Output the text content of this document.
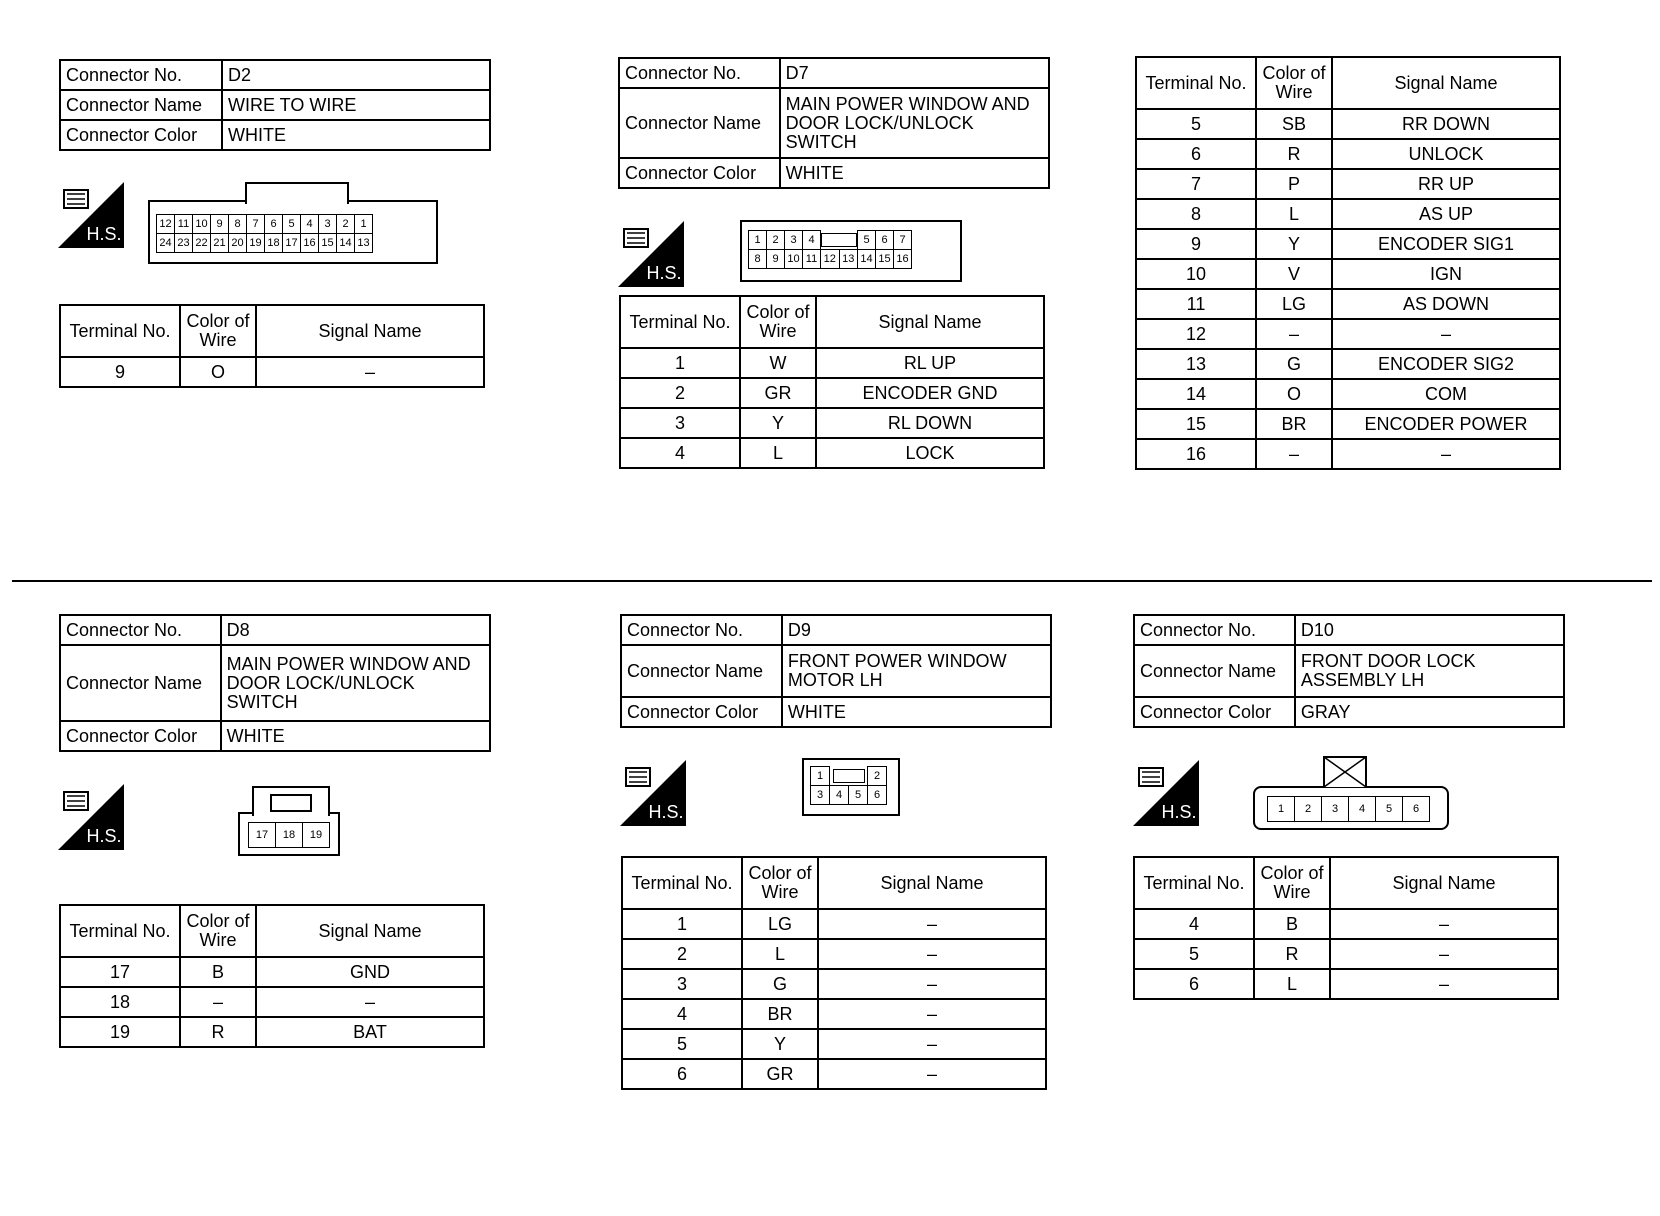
Connector No.	D2
Connector Name	WIRE TO WIRE
Connector Color	WHITE
H.S.	12	11	10	9	8	7	6	5	4	3	2	1
24	23	22	21	20	19	18	17	16	15	14	13
Terminal No.	Color of Wire	Signal Name
9	O	–
Connector No.	D7
Connector Name	MAIN POWER WINDOW AND DOOR LOCK/UNLOCK SWITCH
Connector Color	WHITE
H.S.
1	2	3	4			5	6	7
8	9	10	11	12	13	14	15	16
Terminal No.	Color of Wire	Signal Name
1	W	RL UP
2	GR	ENCODER GND
3	Y	RL DOWN
4	L	LOCK
Terminal No.	Color of Wire	Signal Name
5	SB	RR DOWN
6	R	UNLOCK
7	P	RR UP
8	L	AS UP
9	Y	ENCODER SIG1
10	V	IGN
11	LG	AS DOWN
12	–	–
13	G	ENCODER SIG2
14	O	COM
15	BR	ENCODER POWER
16	–	–
Connector No.	D8
Connector Name	MAIN POWER WINDOW AND DOOR LOCK/UNLOCK SWITCH
Connector Color	WHITE
H.S.	17	18	19
Terminal No.	Color of Wire	Signal Name
17	B	GND
18	–	–
19	R	BAT
Connector No.	D9
Connector Name	FRONT POWER WINDOW MOTOR LH
Connector Color	WHITE
H.S.
1			2
3	4	5	6
Terminal No.	Color of Wire	Signal Name
1	LG	–
2	L	–
3	G	–
4	BR	–
5	Y	–
6	GR	–
Connector No.	D10
Connector Name	FRONT DOOR LOCK ASSEMBLY LH
Connector Color	GRAY
H.S.	1	2	3	4	5	6
Terminal No.	Color of Wire	Signal Name
4	B	–
5	R	–
6	L	–
